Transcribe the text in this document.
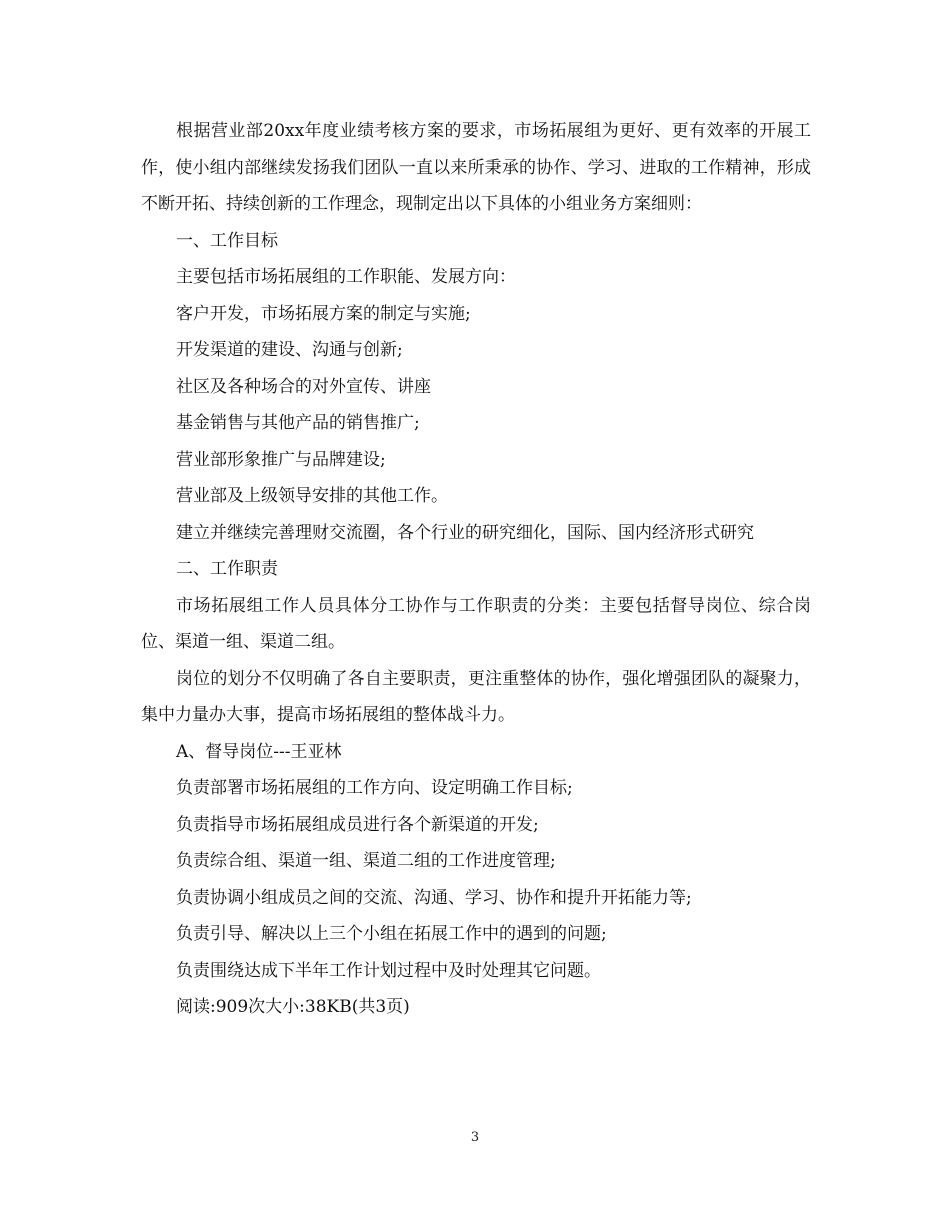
根据营业部20xx年度业绩考核方案的要求，市场拓展组为更好、更有效率的开展工作，使小组内部继续发扬我们团队一直以来所秉承的协作、学习、进取的工作精神，形成不断开拓、持续创新的工作理念，现制定出以下具体的小组业务方案细则：

一、工作目标

主要包括市场拓展组的工作职能、发展方向：

客户开发，市场拓展方案的制定与实施;

开发渠道的建设、沟通与创新;

社区及各种场合的对外宣传、讲座

基金销售与其他产品的销售推广;

营业部形象推广与品牌建设;

营业部及上级领导安排的其他工作。

建立并继续完善理财交流圈，各个行业的研究细化，国际、国内经济形式研究

二、工作职责

市场拓展组工作人员具体分工协作与工作职责的分类：主要包括督导岗位、综合岗位、渠道一组、渠道二组。

岗位的划分不仅明确了各自主要职责，更注重整体的协作，强化增强团队的凝聚力，集中力量办大事，提高市场拓展组的整体战斗力。

A、督导岗位---王亚林

负责部署市场拓展组的工作方向、设定明确工作目标;

负责指导市场拓展组成员进行各个新渠道的开发;

负责综合组、渠道一组、渠道二组的工作进度管理;

负责协调小组成员之间的交流、沟通、学习、协作和提升开拓能力等;

负责引导、解决以上三个小组在拓展工作中的遇到的问题;

负责围绕达成下半年工作计划过程中及时处理其它问题。

阅读:909次大小:38KB(共3页)

3
